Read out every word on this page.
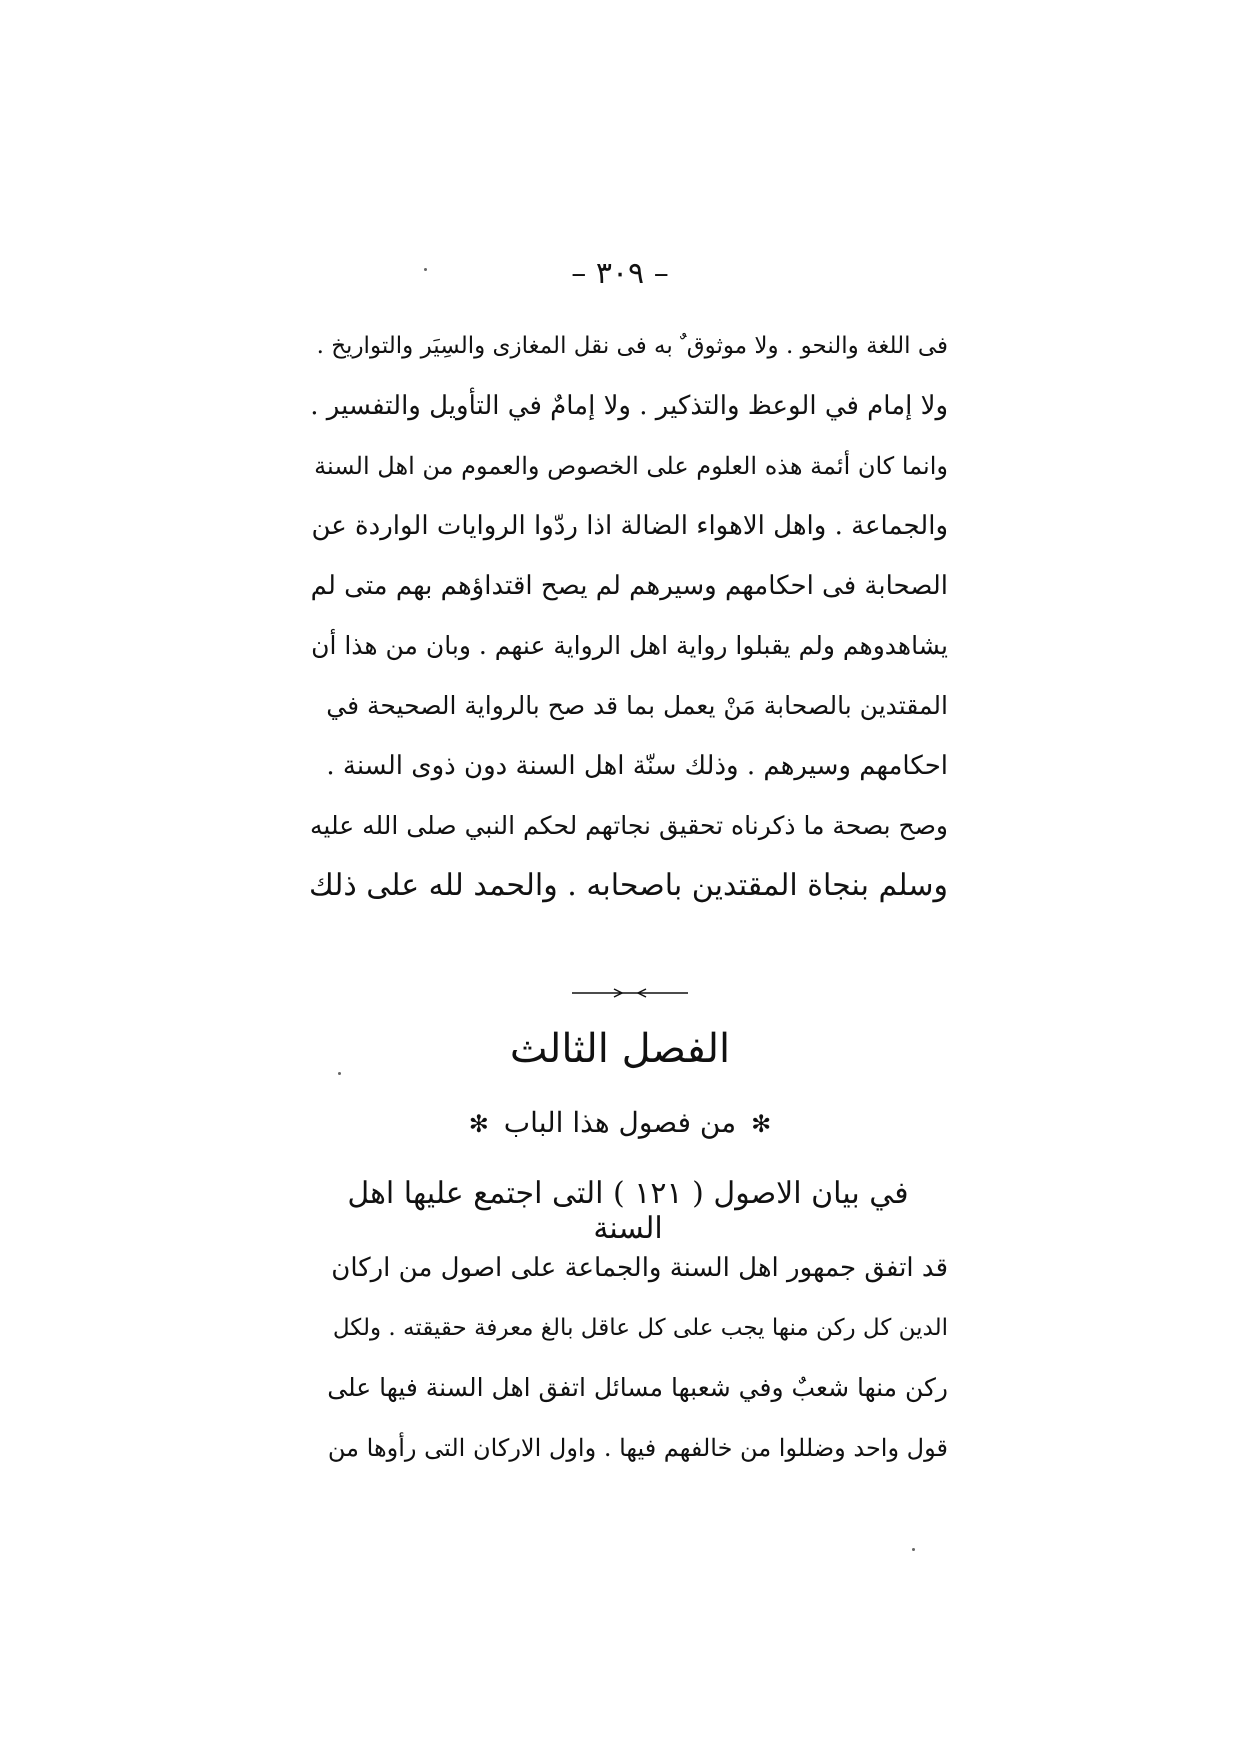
– ٣٠٩ –
فى اللغة والنحو . ولا موثوق ٌ به فى نقل المغازى والسِيَر والتواريخ .
ولا إمام في الوعظ والتذكير . ولا إمامٌ في التأويل والتفسير .
وانما كان أئمة هذه العلوم على الخصوص والعموم من اهل السنة
والجماعة . واهل الاهواء الضالة اذا ردّوا الروايات الواردة عن
الصحابة فى احكامهم وسيرهم لم يصح اقتداؤهم بهم متى لم
يشاهدوهم ولم يقبلوا رواية اهل الرواية عنهم . وبان من هذا أن
المقتدين بالصحابة مَنْ يعمل بما قد صح بالرواية الصحيحة في
احكامهم وسيرهم . وذلك سنّة اهل السنة دون ذوى السنة .
وصح بصحة ما ذكرناه تحقيق نجاتهم لحكم النبي صلى الله عليه
وسلم بنجاة المقتدين باصحابه . والحمد لله على ذلك
الفصل الثالث
✻ من فصول هذا الباب ✻
في بيان الاصول ( ١٢١ ) التى اجتمع عليها اهل السنة
قد اتفق جمهور اهل السنة والجماعة على اصول من اركان
الدين كل ركن منها يجب على كل عاقل بالغ معرفة حقيقته . ولكل
ركن منها شعبٌ وفي شعبها مسائل اتفق اهل السنة فيها على
قول واحد وضللوا من خالفهم فيها . واول الاركان التى رأوها من
